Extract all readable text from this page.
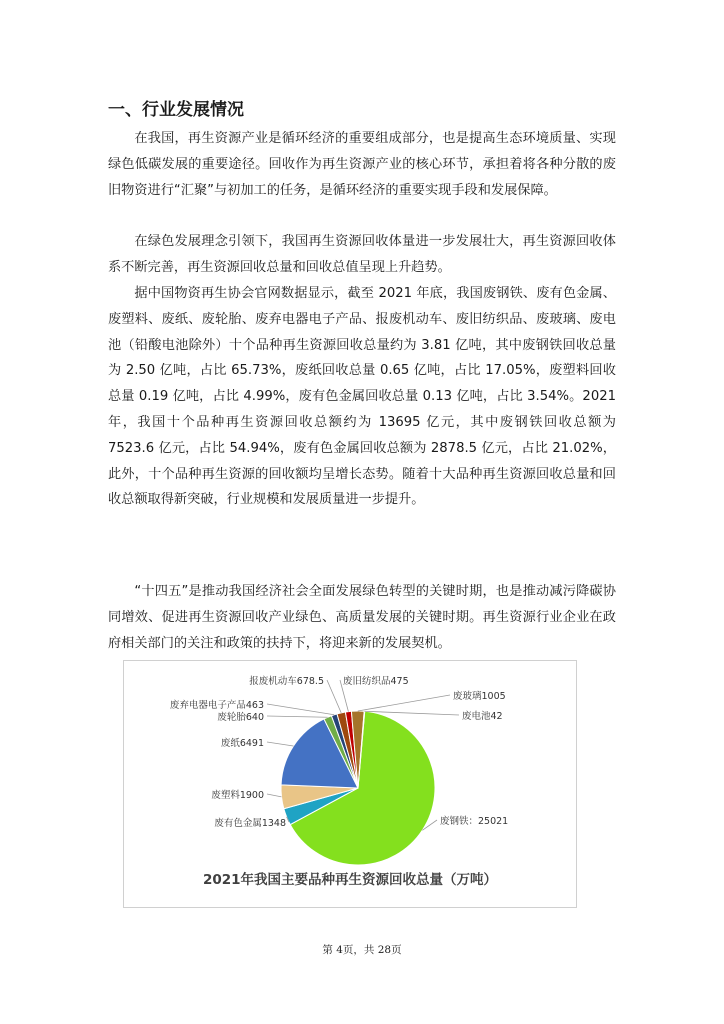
一、行业发展情况

在我国，再生资源产业是循环经济的重要组成部分，也是提高生态环境质量、实现绿色低碳发展的重要途径。回收作为再生资源产业的核心环节，承担着将各种分散的废旧物资进行“汇聚”与初加工的任务，是循环经济的重要实现手段和发展保障。

在绿色发展理念引领下，我国再生资源回收体量进一步发展壮大，再生资源回收体系不断完善，再生资源回收总量和回收总值呈现上升趋势。

据中国物资再生协会官网数据显示，截至 2021 年底，我国废钢铁、废有色金属、废塑料、废纸、废轮胎、废弃电器电子产品、报废机动车、废旧纺织品、废玻璃、废电池（铅酸电池除外）十个品种再生资源回收总量约为 3.81 亿吨，其中废钢铁回收总量为 2.50 亿吨，占比 65.73%，废纸回收总量 0.65 亿吨，占比 17.05%，废塑料回收总量 0.19 亿吨，占比 4.99%，废有色金属回收总量 0.13 亿吨，占比 3.54%。2021 年，我国十个品种再生资源回收总额约为 13695 亿元，其中废钢铁回收总额为 7523.6 亿元，占比 54.94%，废有色金属回收总额为 2878.5 亿元，占比 21.02%，此外，十个品种再生资源的回收额均呈增长态势。随着十大品种再生资源回收总量和回收总额取得新突破，行业规模和发展质量进一步提升。

“十四五”是推动我国经济社会全面发展绿色转型的关键时期，也是推动减污降碳协同增效、促进再生资源回收产业绿色、高质量发展的关键时期。再生资源行业企业在政府相关部门的关注和政策的扶持下，将迎来新的发展契机。

废钢铁：25021
废有色金属1348
废塑料1900
废纸6491
废轮胎640
废弃电器电子产品463
报废机动车678.5 废旧纺织品475
废玻璃1005
废电池42
2021年我国主要品种再生资源回收总量（万吨）
第 4页，共 28页
